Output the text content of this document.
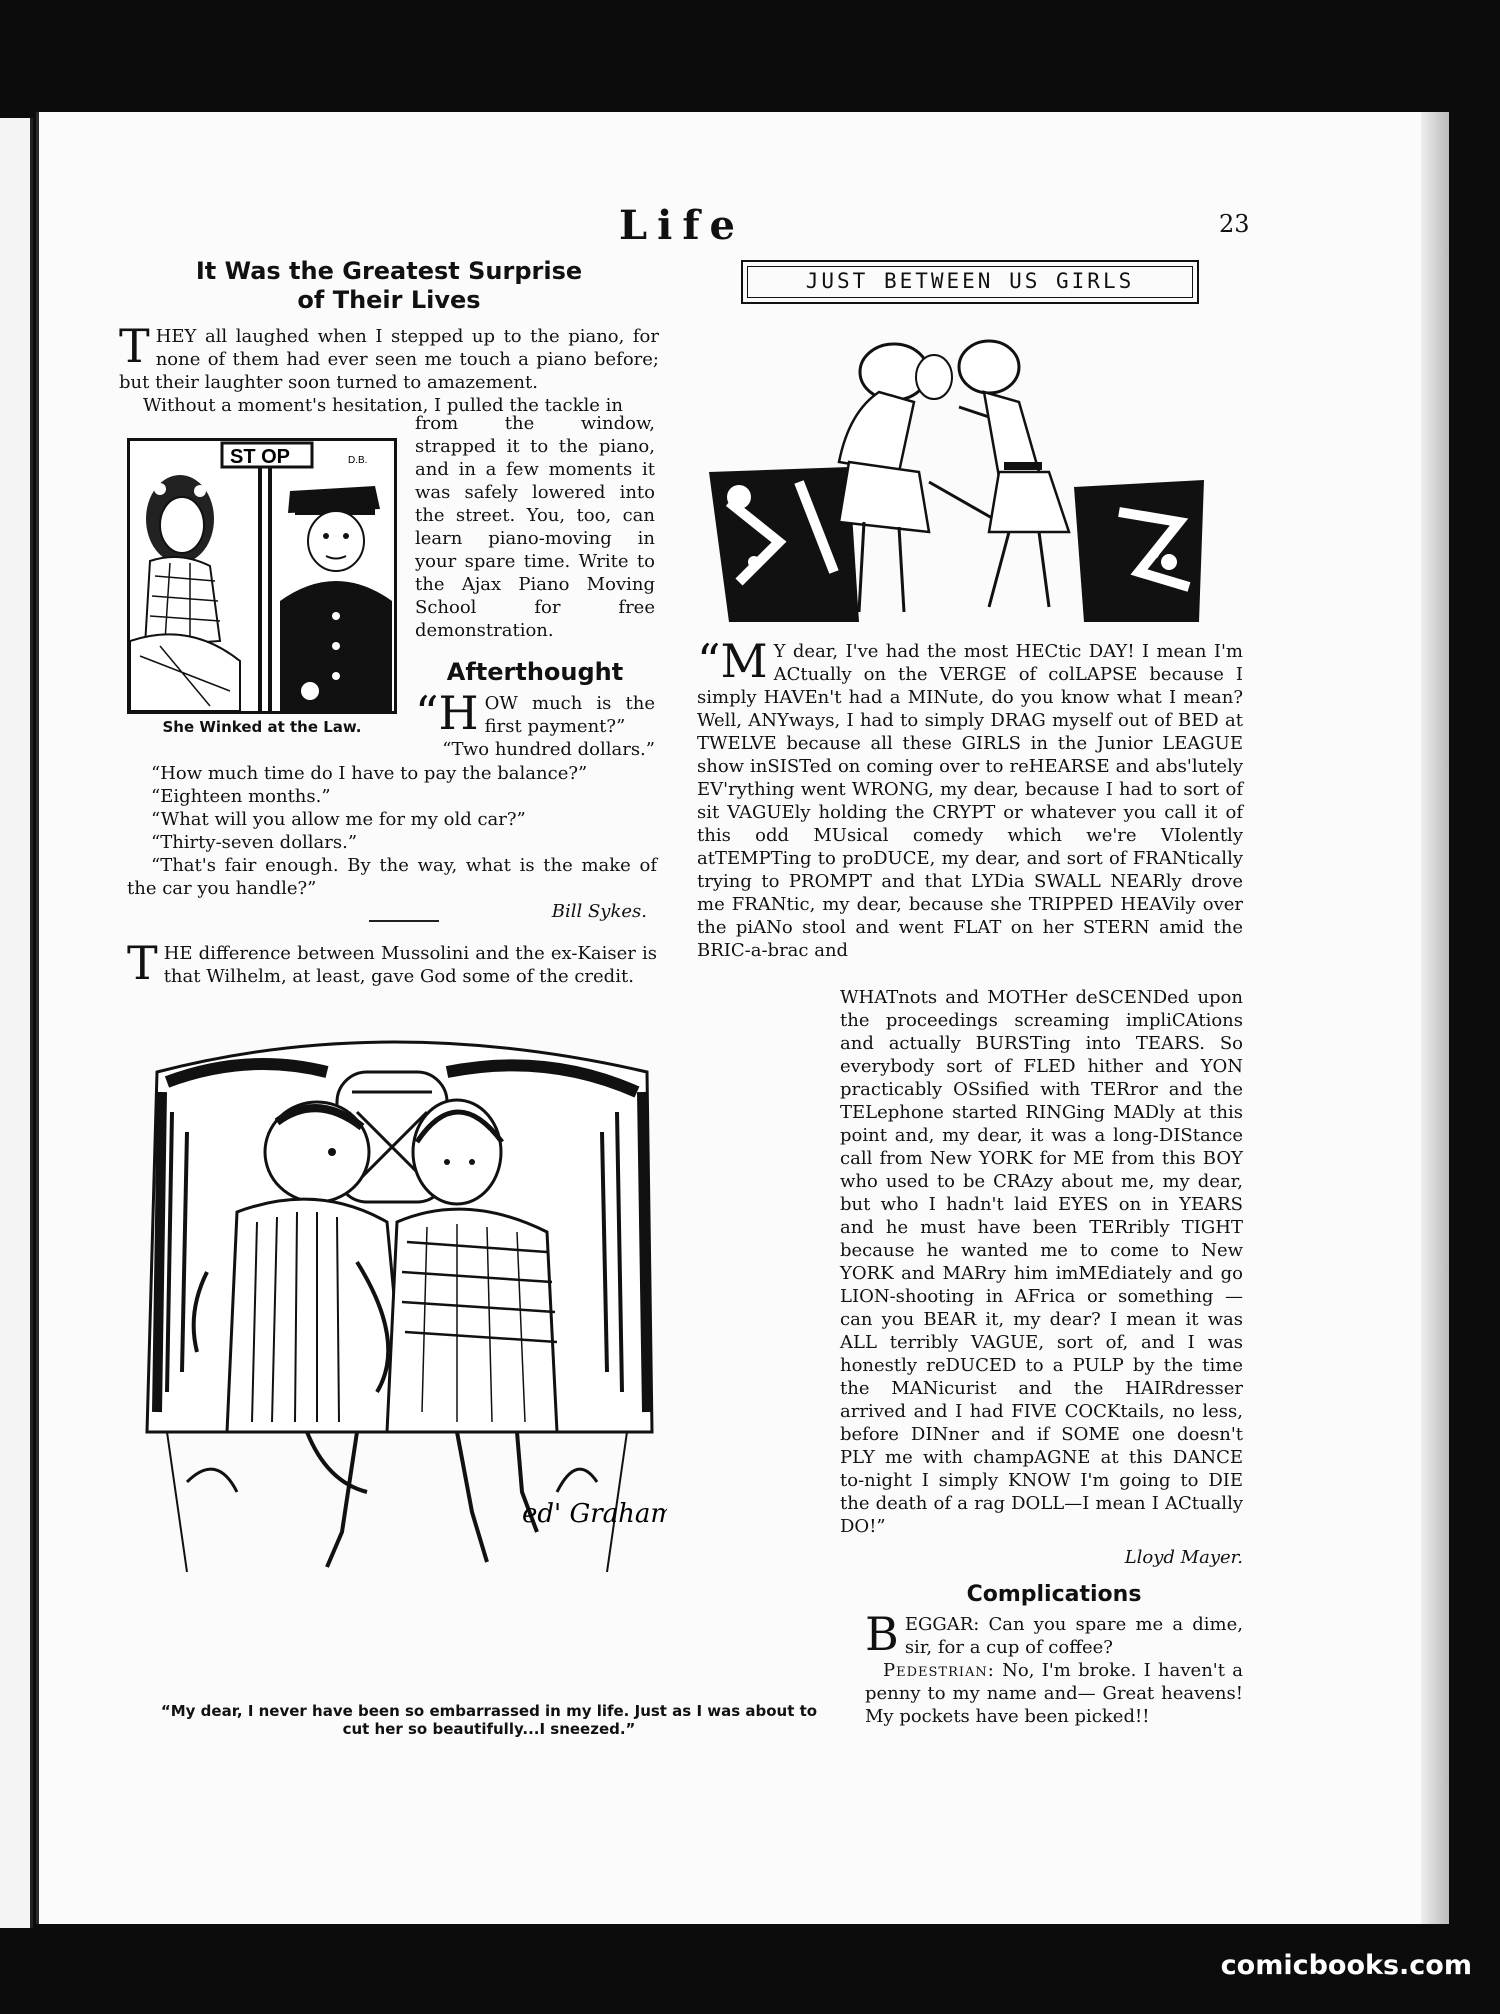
Life	23
It Was the Greatest Surprise
of Their Lives
THEY all laughed when I stepped up to the piano, for none of them had ever seen me touch a piano before; but their laughter soon turned to amazement.
Without a moment's hesitation, I pulled the tackle in
ST OP	D.B.
She Winked at the Law.
from the window, strapped it to the piano, and in a few moments it was safely lowered into the street. You, too, can learn piano-moving in your spare time. Write to the Ajax Piano Moving School for free demonstration.
Afterthought
“HOW much is the first payment?”
“Two hundred dollars.”

“How much time do I have to pay the balance?”

“Eighteen months.”

“What will you allow me for my old car?”

“Thirty-seven dollars.”

“That's fair enough. By the way, what is the make of the car you handle?”

Bill Sykes.
THE difference between Mussolini and the ex-Kaiser is that Wilhelm, at least, gave God some of the credit.
ed' Graham
“My dear, I never have been so embarrassed in my life. Just as I was about to
cut her so beautifully...I sneezed.”
JUST BETWEEN US GIRLS
“M Y dear, I've had the most HECtic DAY! I mean I'm ACtually on the VERGE of colLAPSE because I simply HAVEn't had a MINute, do you know what I mean? Well, ANYways, I had to simply DRAG myself out of BED at TWELVE because all these GIRLS in the Junior LEAGUE show inSISTed on coming over to reHEARSE and abs'lutely EV'rything went WRONG, my dear, because I had to sort of sit VAGUEly holding the CRYPT or whatever you call it of this odd MUsical comedy which we're VIolently atTEMPTing to proDUCE, my dear, and sort of FRANtically trying to PROMPT and that LYDia SWALL NEARly drove me FRANtic, my dear, because she TRIPPED HEAVily over the piANo stool and went FLAT on her STERN amid the BRIC-a-brac and
WHATnots and MOTHer deSCENDed upon the proceedings screaming impliCAtions and actually BURSTing into TEARS. So everybody sort of FLED hither and YON practicably OSsified with TERror and the TELephone started RINGing MADly at this point and, my dear, it was a long-DIStance call from New YORK for ME from this BOY who used to be CRAzy about me, my dear, but who I hadn't laid EYES on in YEARS and he must have been TERribly TIGHT because he wanted me to come to New YORK and MARry him imMEdiately and go LION-shooting in AFrica or something —can you BEAR it, my dear? I mean it was ALL terribly VAGUE, sort of, and I was honestly reDUCED to a PULP by the time the MANicurist and the HAIRdresser arrived and I had FIVE COCKtails, no less, before DINner and if SOME one doesn't PLY me with champAGNE at this DANCE to-night I simply KNOW I'm going to DIE the death of a rag DOLL—I mean I ACtually DO!”
Lloyd Mayer.
Complications
BEGGAR: Can you spare me a dime, sir, for a cup of coffee?
Pedestrian: No, I'm broke. I haven't a penny to my name and— Great heavens! My pockets have been picked!!
comicbooks.com
